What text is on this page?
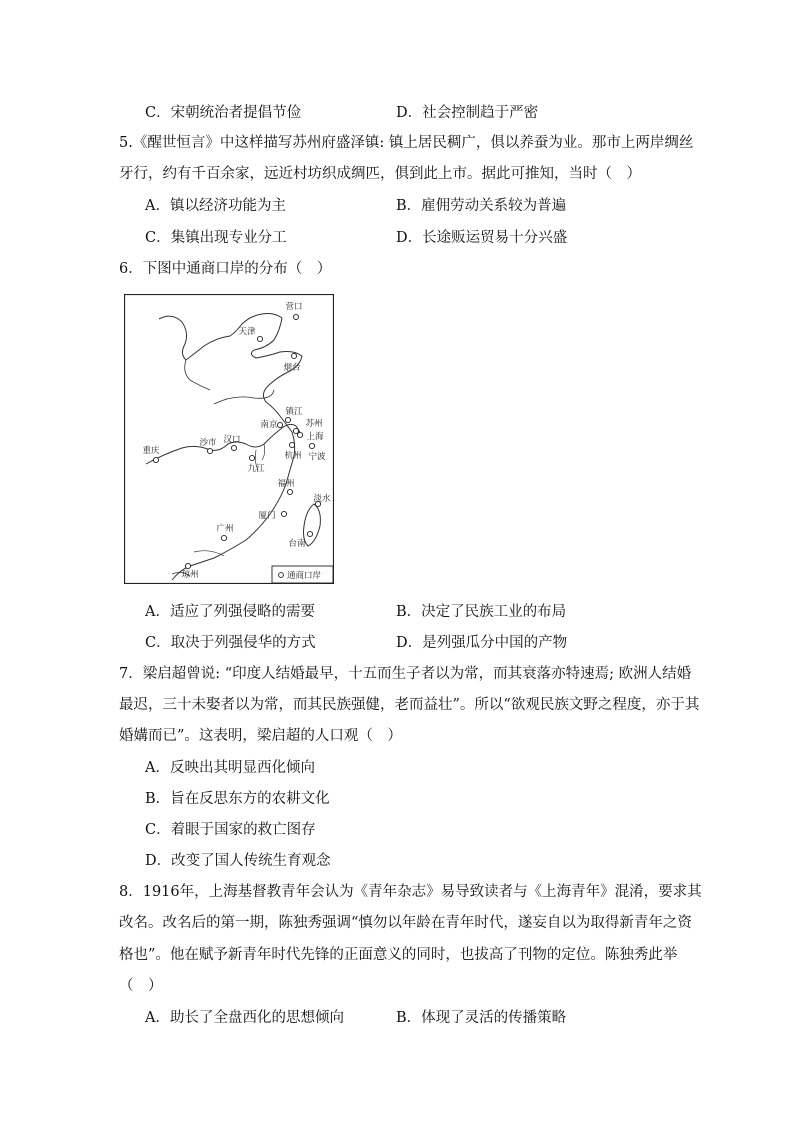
C．宋朝统治者提倡节俭	D．社会控制趋于严密
5.《醒世恒言》中这样描写苏州府盛泽镇: 镇上居民稠广，俱以养蚕为业。那市上两岸绸丝
牙行，约有千百余家，远近村坊织成绸匹，俱到此上市。据此可推知，当时（　）
A．镇以经济功能为主	B．雇佣劳动关系较为普遍
C．集镇出现专业分工	D．长途贩运贸易十分兴盛
6．下图中通商口岸的分布（　）
营口
天津
烟台
镇江
苏州
南京
上海
汉口
沙市
重庆	杭州 宁波
九江
福州
淡水
厦门
广州
台南
琼州	通商口岸
A．适应了列强侵略的需要	B．决定了民族工业的布局
C．取决于列强侵华的方式	D．是列强瓜分中国的产物
7．梁启超曾说: “印度人结婚最早，十五而生子者以为常，而其衰落亦特速焉; 欧洲人结婚
最迟，三十未娶者以为常，而其民族强健，老而益壮”。所以“欲观民族文野之程度，亦于其
婚媾而已”。这表明，梁启超的人口观（　）
A．反映出其明显西化倾向
B．旨在反思东方的农耕文化
C．着眼于国家的救亡图存
D．改变了国人传统生育观念
8．1916年，上海基督教青年会认为《青年杂志》易导致读者与《上海青年》混淆，要求其
改名。改名后的第一期，陈独秀强调“慎勿以年龄在青年时代，遂妄自以为取得新青年之资
格也”。他在赋予新青年时代先锋的正面意义的同时，也拔高了刊物的定位。陈独秀此举
（　）
A．助长了全盘西化的思想倾向	B．体现了灵活的传播策略
